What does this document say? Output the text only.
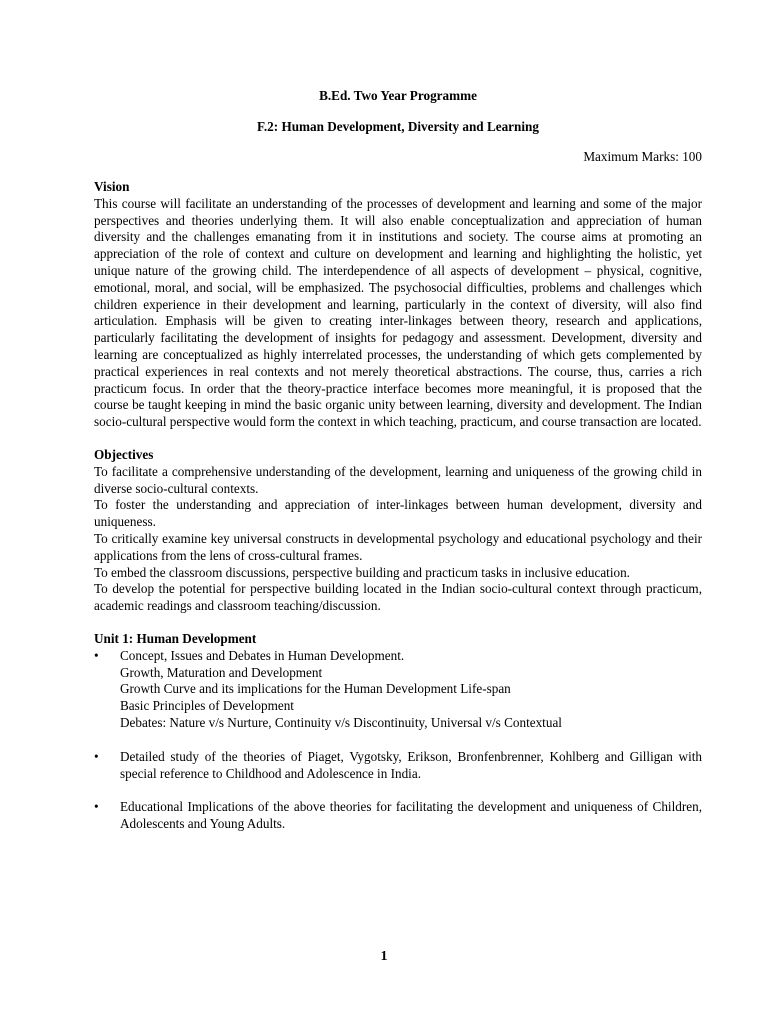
B.Ed. Two Year Programme
F.2: Human Development, Diversity and Learning
Maximum Marks: 100
Vision

This course will facilitate an understanding of the processes of development and learning and some of the major perspectives and theories underlying them. It will also enable conceptualization and appreciation of human diversity and the challenges emanating from it in institutions and society. The course aims at promoting an appreciation of the role of context and culture on development and learning and highlighting the holistic, yet unique nature of the growing child. The interdependence of all aspects of development – physical, cognitive, emotional, moral, and social, will be emphasized. The psychosocial difficulties, problems and challenges which children experience in their development and learning, particularly in the context of diversity, will also find articulation. Emphasis will be given to creating inter-linkages between theory, research and applications, particularly facilitating the development of insights for pedagogy and assessment. Development, diversity and learning are conceptualized as highly interrelated processes, the understanding of which gets complemented by practical experiences in real contexts and not merely theoretical abstractions. The course, thus, carries a rich practicum focus. In order that the theory-practice interface becomes more meaningful, it is proposed that the course be taught keeping in mind the basic organic unity between learning, diversity and development. The Indian socio-cultural perspective would form the context in which teaching, practicum, and course transaction are located.

Objectives

To facilitate a comprehensive understanding of the development, learning and uniqueness of the growing child in diverse socio-cultural contexts.

To foster the understanding and appreciation of inter-linkages between human development, diversity and uniqueness.

To critically examine key universal constructs in developmental psychology and educational psychology and their applications from the lens of cross-cultural frames.

To embed the classroom discussions, perspective building and practicum tasks in inclusive education.

To develop the potential for perspective building located in the Indian socio-cultural context through practicum, academic readings and classroom teaching/discussion.

Unit 1: Human Development
•	Concept, Issues and Debates in Human Development.
Growth, Maturation and Development
Growth Curve and its implications for the Human Development Life-span
Basic Principles of Development
Debates: Nature v/s Nurture, Continuity v/s Discontinuity, Universal v/s Contextual
•	Detailed study of the theories of Piaget, Vygotsky, Erikson, Bronfenbrenner, Kohlberg and Gilligan with special reference to Childhood and Adolescence in India.
•	Educational Implications of the above theories for facilitating the development and uniqueness of Children, Adolescents and Young Adults.
1
